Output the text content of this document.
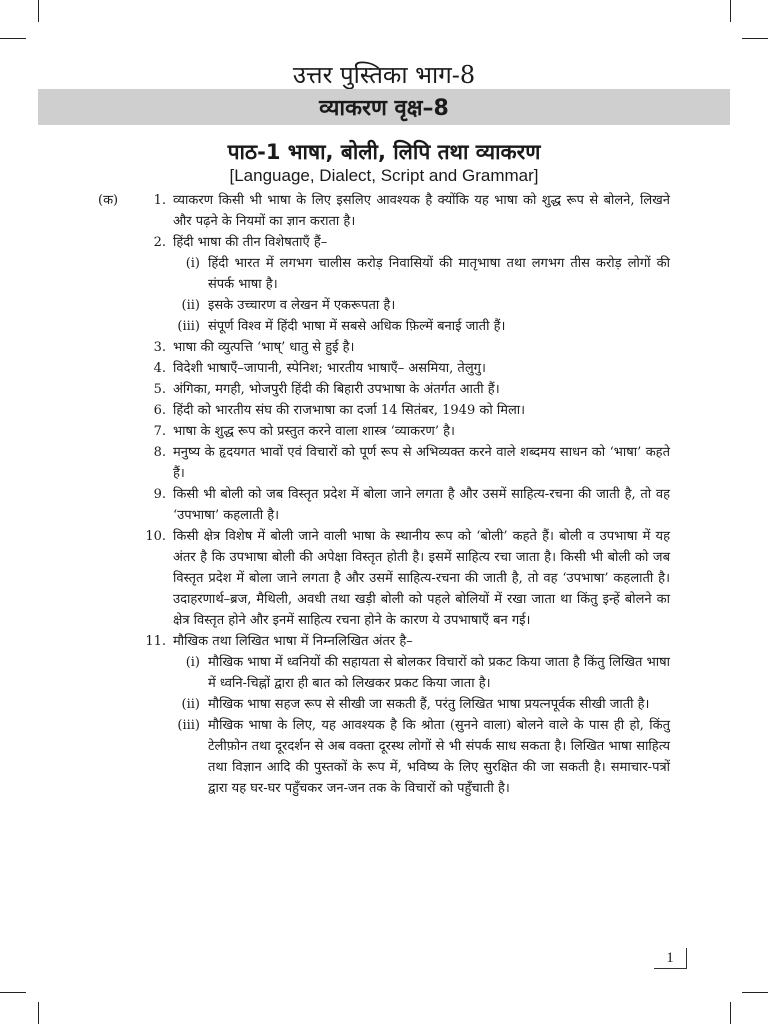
उत्तर पुस्तिका भाग-8
व्याकरण वृक्ष–8
पाठ-1 भाषा, बोली, लिपि तथा व्याकरण
[Language, Dialect, Script and Grammar]
(क)	1. व्याकरण किसी भी भाषा के लिए इसलिए आवश्यक है क्योंकि यह भाषा को शुद्ध रूप से बोलने, लिखने और पढ़ने के नियमों का ज्ञान कराता है।
2. हिंदी भाषा की तीन विशेषताएँ हैं–
(i) हिंदी भारत में लगभग चालीस करोड़ निवासियों की मातृभाषा तथा लगभग तीस करोड़ लोगों की संपर्क भाषा है।
(ii) इसके उच्चारण व लेखन में एकरूपता है।
(iii) संपूर्ण विश्व में हिंदी भाषा में सबसे अधिक फ़िल्में बनाई जाती हैं।
3. भाषा की व्युत्पत्ति ‘भाष्’ धातु से हुई है।
4. विदेशी भाषाएँ–जापानी, स्पेनिश; भारतीय भाषाएँ– असमिया, तेलुगु।
5. अंगिका, मगही, भोजपुरी हिंदी की बिहारी उपभाषा के अंतर्गत आती हैं।
6. हिंदी को भारतीय संघ की राजभाषा का दर्जा 14 सितंबर, 1949 को मिला।
7. भाषा के शुद्ध रूप को प्रस्तुत करने वाला शास्त्र ‘व्याकरण’ है।
8. मनुष्य के हृदयगत भावों एवं विचारों को पूर्ण रूप से अभिव्यक्त करने वाले शब्दमय साधन को ‘भाषा’ कहते हैं।
9. किसी भी बोली को जब विस्तृत प्रदेश में बोला जाने लगता है और उसमें साहित्य-रचना की जाती है, तो वह ‘उपभाषा’ कहलाती है।
10. किसी क्षेत्र विशेष में बोली जाने वाली भाषा के स्थानीय रूप को ‘बोली’ कहते हैं। बोली व उपभाषा में यह अंतर है कि उपभाषा बोली की अपेक्षा विस्तृत होती है। इसमें साहित्य रचा जाता है। किसी भी बोली को जब विस्तृत प्रदेश में बोला जाने लगता है और उसमें साहित्य-रचना की जाती है, तो वह ‘उपभाषा’ कहलाती है। उदाहरणार्थ–ब्रज, मैथिली, अवधी तथा खड़ी बोली को पहले बोलियों में रखा जाता था किंतु इन्हें बोलने का क्षेत्र विस्तृत होने और इनमें साहित्य रचना होने के कारण ये उपभाषाएँ बन गई।
11. मौखिक तथा लिखित भाषा में निम्नलिखित अंतर है–
(i) मौखिक भाषा में ध्वनियों की सहायता से बोलकर विचारों को प्रकट किया जाता है किंतु लिखित भाषा में ध्वनि-चिह्नों द्वारा ही बात को लिखकर प्रकट किया जाता है।
(ii) मौखिक भाषा सहज रूप से सीखी जा सकती हैं, परंतु लिखित भाषा प्रयत्नपूर्वक सीखी जाती है।
(iii) मौखिक भाषा के लिए, यह आवश्यक है कि श्रोता (सुनने वाला) बोलने वाले के पास ही हो, किंतु टेलीफ़ोन तथा दूरदर्शन से अब वक्ता दूरस्थ लोगों से भी संपर्क साध सकता है। लिखित भाषा साहित्य तथा विज्ञान आदि की पुस्तकों के रूप में, भविष्य के लिए सुरक्षित की जा सकती है। समाचार-पत्रों द्वारा यह घर-घर पहुँचकर जन-जन तक के विचारों को पहुँचाती है।
1
